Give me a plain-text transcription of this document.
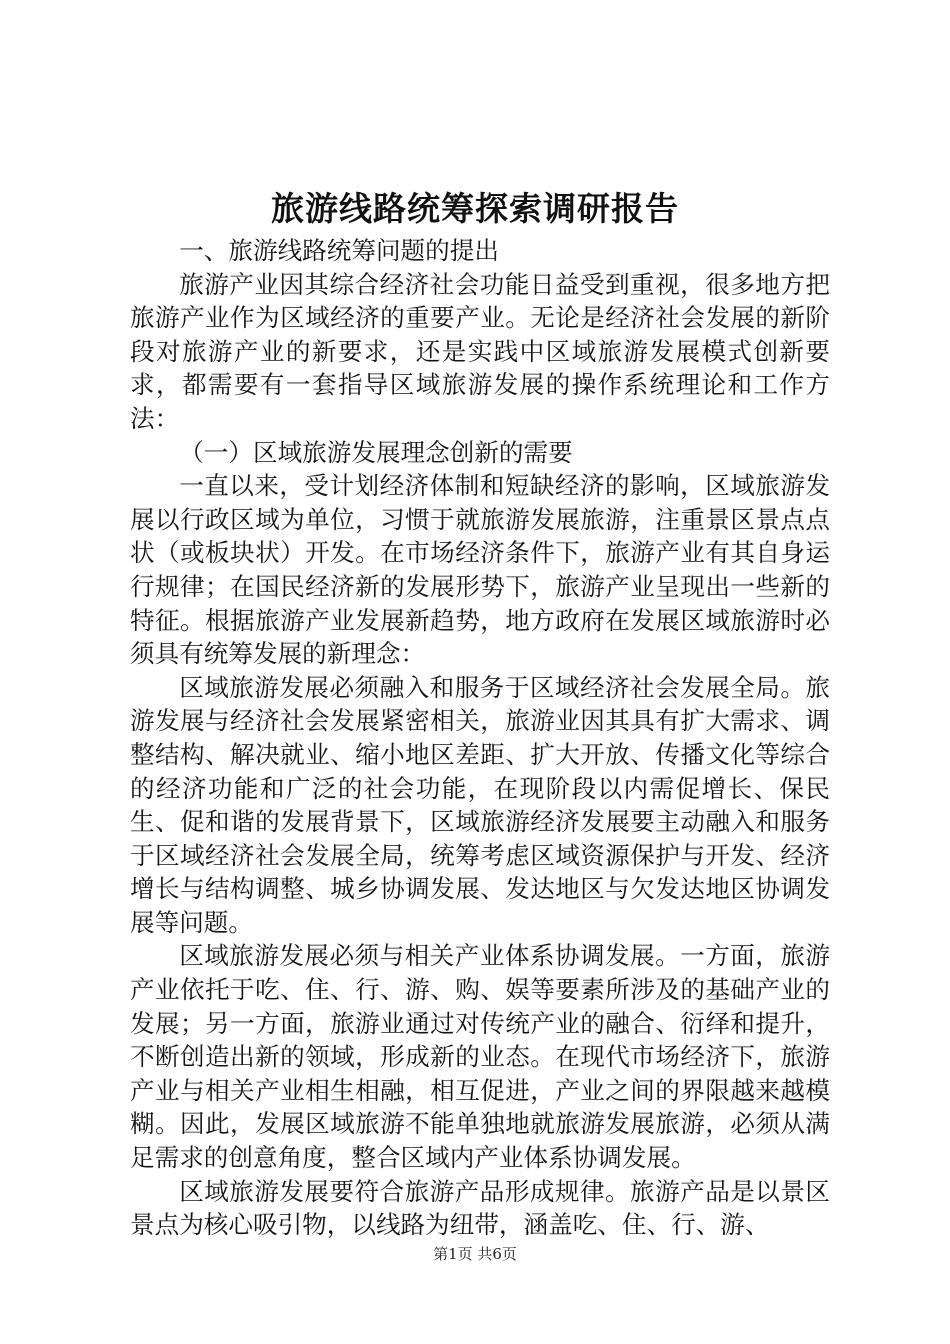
旅游线路统筹探索调研报告

一、旅游线路统筹问题的提出

旅游产业因其综合经济社会功能日益受到重视，很多地方把旅游产业作为区域经济的重要产业。无论是经济社会发展的新阶段对旅游产业的新要求，还是实践中区域旅游发展模式创新要求，都需要有一套指导区域旅游发展的操作系统理论和工作方法：

（一）区域旅游发展理念创新的需要

一直以来，受计划经济体制和短缺经济的影响，区域旅游发展以行政区域为单位，习惯于就旅游发展旅游，注重景区景点点状（或板块状）开发。在市场经济条件下，旅游产业有其自身运行规律；在国民经济新的发展形势下，旅游产业呈现出一些新的特征。根据旅游产业发展新趋势，地方政府在发展区域旅游时必须具有统筹发展的新理念：

区域旅游发展必须融入和服务于区域经济社会发展全局。旅游发展与经济社会发展紧密相关，旅游业因其具有扩大需求、调整结构、解决就业、缩小地区差距、扩大开放、传播文化等综合的经济功能和广泛的社会功能，在现阶段以内需促增长、保民生、促和谐的发展背景下，区域旅游经济发展要主动融入和服务于区域经济社会发展全局，统筹考虑区域资源保护与开发、经济增长与结构调整、城乡协调发展、发达地区与欠发达地区协调发展等问题。

区域旅游发展必须与相关产业体系协调发展。一方面，旅游产业依托于吃、住、行、游、购、娱等要素所涉及的基础产业的发展；另一方面，旅游业通过对传统产业的融合、衍绎和提升，不断创造出新的领域，形成新的业态。在现代市场经济下，旅游产业与相关产业相生相融，相互促进，产业之间的界限越来越模糊。因此，发展区域旅游不能单独地就旅游发展旅游，必须从满足需求的创意角度，整合区域内产业体系协调发展。

区域旅游发展要符合旅游产品形成规律。旅游产品是以景区景点为核心吸引物，以线路为纽带，涵盖吃、住、行、游、

第1页 共6页
